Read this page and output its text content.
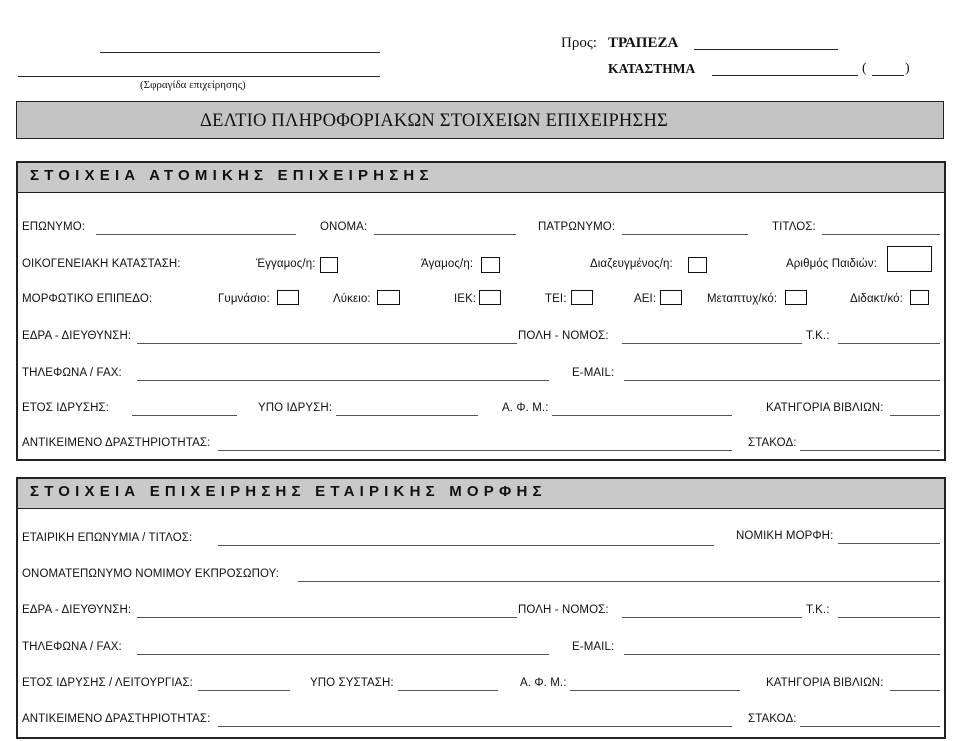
(Σφραγίδα επιχείρησης)
Προς: ΤΡΑΠΕΖΑ
ΚΑΤΑΣΤΗΜΑ	(	)
ΔΕΛΤΙΟ ΠΛΗΡΟΦΟΡΙΑΚΩΝ ΣΤΟΙΧΕΙΩΝ ΕΠΙΧΕΙΡΗΣΗΣ
ΣΤΟΙΧΕΙΑ ΑΤΟΜΙΚΗΣ ΕΠΙΧΕΙΡΗΣΗΣ
ΕΠΩΝΥΜΟ:	ΟΝΟΜΑ:	ΠΑΤΡΩΝΥΜΟ:	ΤΙΤΛΟΣ:
ΟΙΚΟΓΕΝΕΙΑΚΗ ΚΑΤΑΣΤΑΣΗ:	Έγγαμος/η:	Άγαμος/η:	Διαζευγμένος/η:	Αριθμός Παιδιών:
ΜΟΡΦΩΤΙΚΟ ΕΠΙΠΕΔΟ:	Γυμνάσιο:	Λύκειο:	ΙΕΚ:	ΤΕΙ:	ΑΕΙ:	Μεταπτυχ/κό:	Διδακτ/κό:
ΕΔΡΑ - ΔΙΕΥΘΥΝΣΗ:	ΠΟΛΗ - ΝΟΜΟΣ:	Τ.Κ.:
ΤΗΛΕΦΩΝΑ / FAX:	E-MAIL:
ΕΤΟΣ ΙΔΡΥΣΗΣ:	ΥΠΟ ΙΔΡΥΣΗ:	Α. Φ. Μ.:	ΚΑΤΗΓΟΡΙΑ ΒΙΒΛΙΩΝ:
ΑΝΤΙΚΕΙΜΕΝΟ ΔΡΑΣΤΗΡΙΟΤΗΤΑΣ:	ΣΤΑΚΟΔ:
ΣΤΟΙΧΕΙΑ ΕΠΙΧΕΙΡΗΣΗΣ ΕΤΑΙΡΙΚΗΣ ΜΟΡΦΗΣ
ΕΤΑΙΡΙΚΗ ΕΠΩΝΥΜΙΑ / ΤΙΤΛΟΣ:	ΝΟΜΙΚΗ ΜΟΡΦΗ:
ΟΝΟΜΑΤΕΠΩΝΥΜΟ ΝΟΜΙΜΟΥ ΕΚΠΡΟΣΩΠΟΥ:
ΕΔΡΑ - ΔΙΕΥΘΥΝΣΗ:	ΠΟΛΗ - ΝΟΜΟΣ:	Τ.Κ.:
ΤΗΛΕΦΩΝΑ / FAX:	E-MAIL:
ΕΤΟΣ ΙΔΡΥΣΗΣ / ΛΕΙΤΟΥΡΓΙΑΣ:	ΥΠΟ ΣΥΣΤΑΣΗ:	Α. Φ. Μ.:	ΚΑΤΗΓΟΡΙΑ ΒΙΒΛΙΩΝ:
ΑΝΤΙΚΕΙΜΕΝΟ ΔΡΑΣΤΗΡΙΟΤΗΤΑΣ:	ΣΤΑΚΟΔ:
